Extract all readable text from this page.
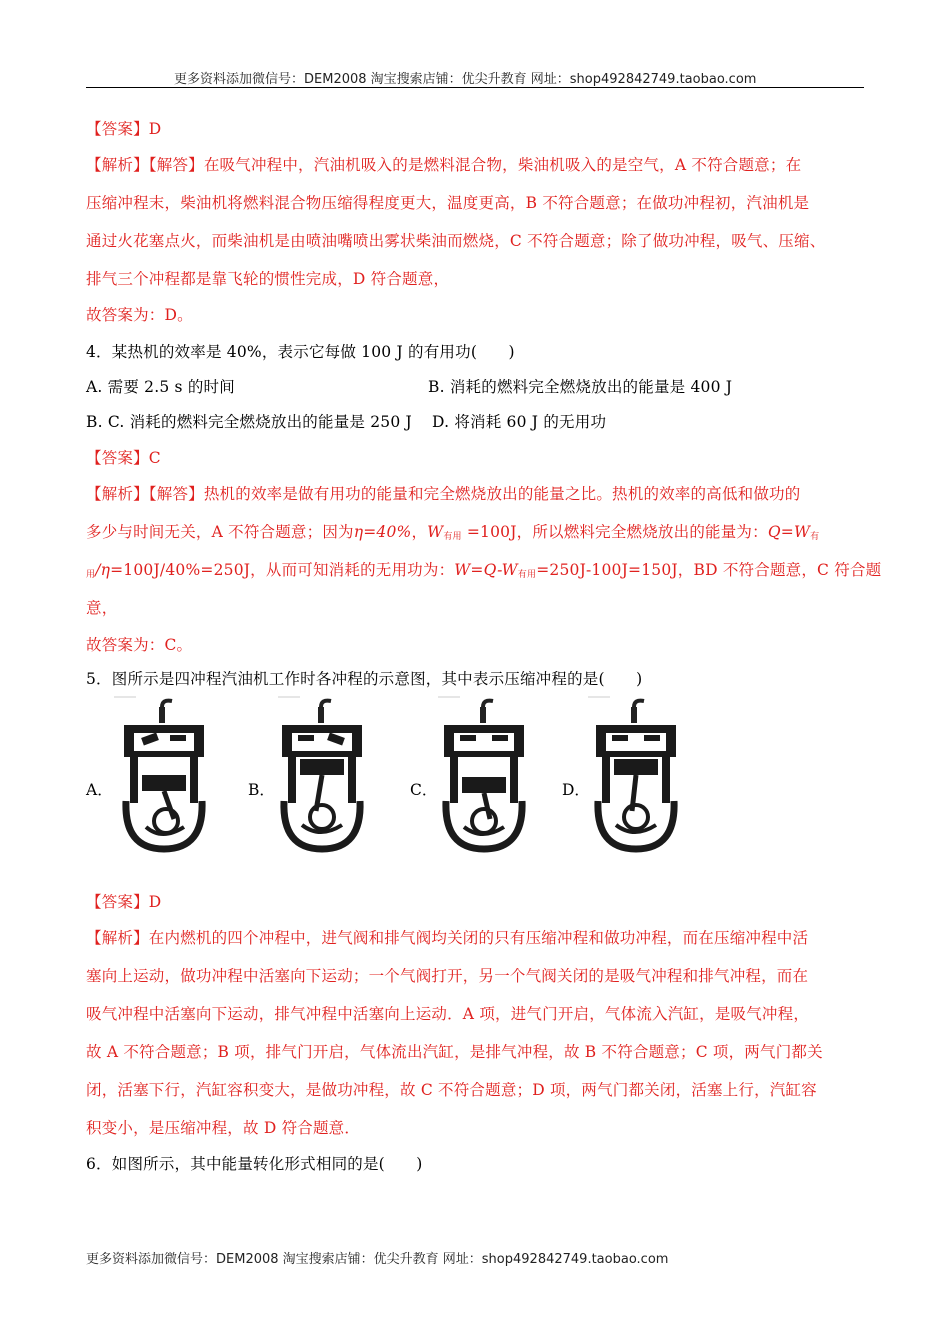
更多资料添加微信号：DEM2008 淘宝搜索店铺：优尖升教育 网址：shop492842749.taobao.com
【答案】D
【解析】【解答】在吸气冲程中，汽油机吸入的是燃料混合物，柴油机吸入的是空气，A 不符合题意；在
压缩冲程末，柴油机将燃料混合物压缩得程度更大，温度更高，B 不符合题意；在做功冲程初，汽油机是
通过火花塞点火，而柴油机是由喷油嘴喷出雾状柴油而燃烧，C 不符合题意；除了做功冲程，吸气、压缩、
排气三个冲程都是靠飞轮的惯性完成，D 符合题意，
故答案为：D。
4．某热机的效率是 40%，表示它每做 100 J 的有用功(　　)
A. 需要 2.5 s 的时间	B. 消耗的燃料完全燃烧放出的能量是 400 J
B. C. 消耗的燃料完全燃烧放出的能量是 250 J D. 将消耗 60 J 的无用功
【答案】C
【解析】【解答】热机的效率是做有用功的能量和完全燃烧放出的能量之比。热机的效率的高低和做功的
多少与时间无关，A 不符合题意；因为η=40%，$W_{有用} =100J$，所以燃料完全燃烧放出的能量为：$Q=W_有$
$_用$/η=100J/40%=250J，从而可知消耗的无用功为：$W=Q-W_{有用}=250J-100J=150J$，BD 不符合题意，C 符合题
意，
故答案为：C。
5．图所示是四冲程汽油机工作时各冲程的示意图，其中表示压缩冲程的是(　　)
A．	B．	C．	D．
【答案】D
【解析】在内燃机的四个冲程中，进气阀和排气阀均关闭的只有压缩冲程和做功冲程，而在压缩冲程中活
塞向上运动，做功冲程中活塞向下运动；一个气阀打开，另一个气阀关闭的是吸气冲程和排气冲程，而在
吸气冲程中活塞向下运动，排气冲程中活塞向上运动．A 项，进气门开启，气体流入汽缸，是吸气冲程，
故 A 不符合题意；B 项，排气门开启，气体流出汽缸，是排气冲程，故 B 不符合题意；C 项，两气门都关
闭，活塞下行，汽缸容积变大，是做功冲程，故 C 不符合题意；D 项，两气门都关闭，活塞上行，汽缸容
积变小，是压缩冲程，故 D 符合题意．
6．如图所示，其中能量转化形式相同的是(　　)
更多资料添加微信号：DEM2008 淘宝搜索店铺：优尖升教育 网址：shop492842749.taobao.com
